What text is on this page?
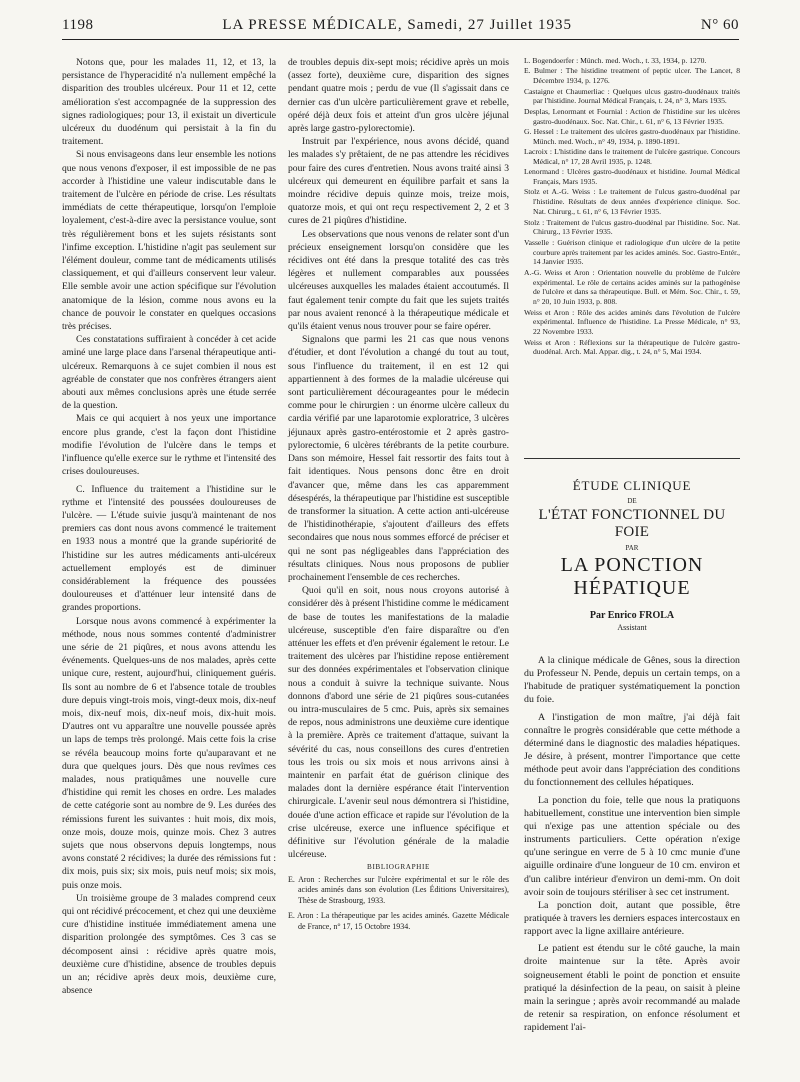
1198	LA PRESSE MÉDICALE, Samedi, 27 Juillet 1935	N° 60

Notons que, pour les malades 11, 12, et 13, la persistance de l'hyperacidité n'a nullement empêché la disparition des troubles ulcéreux. Pour 11 et 12, cette amélioration s'est accompagnée de la suppression des signes radiologiques; pour 13, il existait un diverticule ulcéreux du duodénum qui persistait à la fin du traitement.

Si nous envisageons dans leur ensemble les notions que nous venons d'exposer, il est impossible de ne pas accorder à l'histidine une valeur indiscutable dans le traitement de l'ulcère en période de crise. Les résultats immédiats de cette thérapeutique, lorsqu'on l'emploie loyalement, c'est-à-dire avec la persistance voulue, sont très régulièrement bons et les sujets résistants sont l'infime exception. L'histidine n'agit pas seulement sur l'élément douleur, comme tant de médicaments utilisés classiquement, et qui d'ailleurs conservent leur valeur. Elle semble avoir une action spécifique sur l'évolution anatomique de la lésion, comme nous avons eu la chance de pouvoir le constater en quelques occasions très précises.

Ces constatations suffiraient à concéder à cet acide aminé une large place dans l'arsenal thérapeutique anti-ulcéreux. Remarquons à ce sujet combien il nous est agréable de constater que nos confrères étrangers aient abouti aux mêmes conclusions après une étude serrée de la question.

Mais ce qui acquiert à nos yeux une importance encore plus grande, c'est la façon dont l'histidine modifie l'évolution de l'ulcère dans le temps et l'influence qu'elle exerce sur le rythme et l'intensité des crises douloureuses.

C. Influence du traitement a l'histidine sur le rythme et l'intensité des poussées douloureuses de l'ulcère. — L'étude suivie jusqu'à maintenant de nos premiers cas dont nous avons commencé le traitement en 1933 nous a montré que la grande supériorité de l'histidine sur les autres médicaments anti-ulcéreux actuellement employés est de diminuer considérablement la fréquence des poussées douloureuses et d'atténuer leur intensité dans de grandes proportions.

Lorsque nous avons commencé à expérimenter la méthode, nous nous sommes contenté d'administrer une série de 21 piqûres, et nous avons attendu les événements. Quelques-uns de nos malades, après cette unique cure, restent, aujourd'hui, cliniquement guéris. Ils sont au nombre de 6 et l'absence totale de troubles dure depuis vingt-trois mois, vingt-deux mois, dix-neuf mois, dix-neuf mois, dix-neuf mois, dix-huit mois. D'autres ont vu apparaître une nouvelle poussée après un laps de temps très prolongé. Mais cette fois la crise se révéla beaucoup moins forte qu'auparavant et ne dura que quelques jours. Dès que nous revîmes ces malades, nous pratiquâmes une nouvelle cure d'histidine qui remit les choses en ordre. Les malades de cette catégorie sont au nombre de 9. Les durées des rémissions furent les suivantes : huit mois, dix mois, onze mois, douze mois, quinze mois. Chez 3 autres sujets que nous observons depuis longtemps, nous avons constaté 2 récidives; la durée des rémissions fut : dix mois, puis six; six mois, puis neuf mois; six mois, puis onze mois.

Un troisième groupe de 3 malades comprend ceux qui ont récidivé précocement, et chez qui une deuxième cure d'histidine instituée immédiatement amena une disparition prolongée des symptômes. Ces 3 cas se décomposent ainsi : récidive après quatre mois, deuxième cure d'histidine, absence de troubles depuis un an; récidive après deux mois, deuxième cure, absence

de troubles depuis dix-sept mois; récidive après un mois (assez forte), deuxième cure, disparition des signes pendant quatre mois ; perdu de vue (Il s'agissait dans ce dernier cas d'un ulcère particulièrement grave et rebelle, opéré déjà deux fois et atteint d'un gros ulcère jéjunal après large gastro-pylorectomie).

Instruit par l'expérience, nous avons décidé, quand les malades s'y prêtaient, de ne pas attendre les récidives pour faire des cures d'entretien. Nous avons traité ainsi 3 ulcéreux qui demeurent en équilibre parfait et sans la moindre récidive depuis quinze mois, treize mois, quatorze mois, et qui ont reçu respectivement 2, 2 et 3 cures de 21 piqûres d'histidine.

Les observations que nous venons de relater sont d'un précieux enseignement lorsqu'on considère que les récidives ont été dans la presque totalité des cas très légères et nullement comparables aux poussées ulcéreuses auxquelles les malades étaient accoutumés. Il faut également tenir compte du fait que les sujets traités par nous avaient renoncé à la thérapeutique médicale et qu'ils étaient venus nous trouver pour se faire opérer.

Signalons que parmi les 21 cas que nous venons d'étudier, et dont l'évolution a changé du tout au tout, sous l'influence du traitement, il en est 12 qui appartiennent à des formes de la maladie ulcéreuse qui sont particulièrement décourageantes pour le médecin comme pour le chirurgien : un énorme ulcère calleux du cardia vérifié par une laparotomie exploratrice, 3 ulcères jéjunaux après gastro-entérostomie et 2 après gastro-pylorectomie, 6 ulcères térébrants de la petite courbure. Dans son mémoire, Hessel fait ressortir des faits tout à fait identiques. Nous pensons donc être en droit d'avancer que, même dans les cas apparemment désespérés, la thérapeutique par l'histidine est susceptible de transformer la situation. A cette action anti-ulcéreuse de l'histidinothérapie, s'ajoutent d'ailleurs des effets secondaires que nous nous sommes efforcé de préciser et qui ne sont pas négligeables dans l'appréciation des résultats cliniques. Nous nous proposons de publier prochainement l'ensemble de ces recherches.

Quoi qu'il en soit, nous nous croyons autorisé à considérer dès à présent l'histidine comme le médicament de base de toutes les manifestations de la maladie ulcéreuse, susceptible d'en faire disparaître ou d'en atténuer les effets et d'en prévenir également le retour. Le traitement des ulcères par l'histidine repose entièrement sur des données expérimentales et l'observation clinique nous a conduit à suivre la technique suivante. Nous donnons d'abord une série de 21 piqûres sous-cutanées ou intra-musculaires de 5 cmc. Puis, après six semaines de repos, nous administrons une deuxième cure identique à la première. Après ce traitement d'attaque, suivant la sévérité du cas, nous conseillons des cures d'entretien tous les trois ou six mois et nous arrivons ainsi à maintenir en parfait état de guérison clinique des malades dont la dernière espérance était l'intervention chirurgicale. L'avenir seul nous démontrera si l'histidine, douée d'une action efficace et rapide sur l'évolution de la crise ulcéreuse, exerce une influence spécifique et définitive sur l'évolution générale de la maladie ulcéreuse.

BIBLIOGRAPHIE

E. Aron : Recherches sur l'ulcère expérimental et sur le rôle des acides aminés dans son évolution (Les Éditions Universitaires), Thèse de Strasbourg, 1933.

E. Aron : La thérapeutique par les acides aminés. Gazette Médicale de France, n° 17, 15 Octobre 1934.

L. Bogendoerfer : Münch. med. Woch., t. 33, 1934, p. 1270.

E. Bulmer : The histidine treatment of peptic ulcer. The Lancet, 8 Décembre 1934, p. 1276.

Castaigne et Chaumerliac : Quelques ulcus gastro-duodénaux traités par l'histidine. Journal Médical Français, t. 24, n° 3, Mars 1935.

Desplas, Lenormant et Fournial : Action de l'histidine sur les ulcères gastro-duodénaux. Soc. Nat. Chir., t. 61, n° 6, 13 Février 1935.

G. Hessel : Le traitement des ulcères gastro-duodénaux par l'histidine. Münch. med. Woch., n° 49, 1934, p. 1890-1891.

Lacroix : L'histidine dans le traitement de l'ulcère gastrique. Concours Médical, n° 17, 28 Avril 1935, p. 1248.

Lenormand : Ulcères gastro-duodénaux et histidine. Journal Médical Français, Mars 1935.

Stolz et A.-G. Weiss : Le traitement de l'ulcus gastro-duodénal par l'histidine. Résultats de deux années d'expérience clinique. Soc. Nat. Chirurg., t. 61, n° 6, 13 Février 1935.

Stolz : Traitement de l'ulcus gastro-duodénal par l'histidine. Soc. Nat. Chirurg., 13 Février 1935.

Vasselle : Guérison clinique et radiologique d'un ulcère de la petite courbure après traitement par les acides aminés. Soc. Gastro-Entér., 14 Janvier 1935.

A.-G. Weiss et Aron : Orientation nouvelle du problème de l'ulcère expérimental. Le rôle de certains acides aminés sur la pathogénèse de l'ulcère et dans sa thérapeutique. Bull. et Mém. Soc. Chir., t. 59, n° 20, 10 Juin 1933, p. 808.

Weiss et Aron : Rôle des acides aminés dans l'évolution de l'ulcère expérimental. Influence de l'histidine. La Presse Médicale, n° 93, 22 Novembre 1933.

Weiss et Aron : Réflexions sur la thérapeutique de l'ulcère gastro-duodénal. Arch. Mal. Appar. dig., t. 24, n° 5, Mai 1934.

ÉTUDE CLINIQUE
DE
L'ÉTAT FONCTIONNEL DU FOIE
PAR
LA PONCTION HÉPATIQUE
Par Enrico FROLA
Assistant

A la clinique médicale de Gênes, sous la direction du Professeur N. Pende, depuis un certain temps, on a l'habitude de pratiquer systématiquement la ponction du foie.

A l'instigation de mon maître, j'ai déjà fait connaître le progrès considérable que cette méthode a déterminé dans le diagnostic des maladies hépatiques. Je désire, à présent, montrer l'importance que cette méthode peut avoir dans l'appréciation des conditions du fonctionnement des cellules hépatiques.

La ponction du foie, telle que nous la pratiquons habituellement, constitue une intervention bien simple qui n'exige pas une attention spéciale ou des instruments particuliers. Cette opération n'exige qu'une seringue en verre de 5 à 10 cmc munie d'une aiguille ordinaire d'une longueur de 10 cm. environ et d'un calibre intérieur d'environ un demi-mm. On doit avoir soin de toujours stériliser à sec cet instrument.

La ponction doit, autant que possible, être pratiquée à travers les derniers espaces intercostaux en rapport avec la ligne axillaire antérieure.

Le patient est étendu sur le côté gauche, la main droite maintenue sur la tête. Après avoir soigneusement établi le point de ponction et ensuite pratiqué la désinfection de la peau, on saisit à pleine main la seringue ; après avoir recommandé au malade de retenir sa respiration, on enfonce résolument et rapidement l'ai-
